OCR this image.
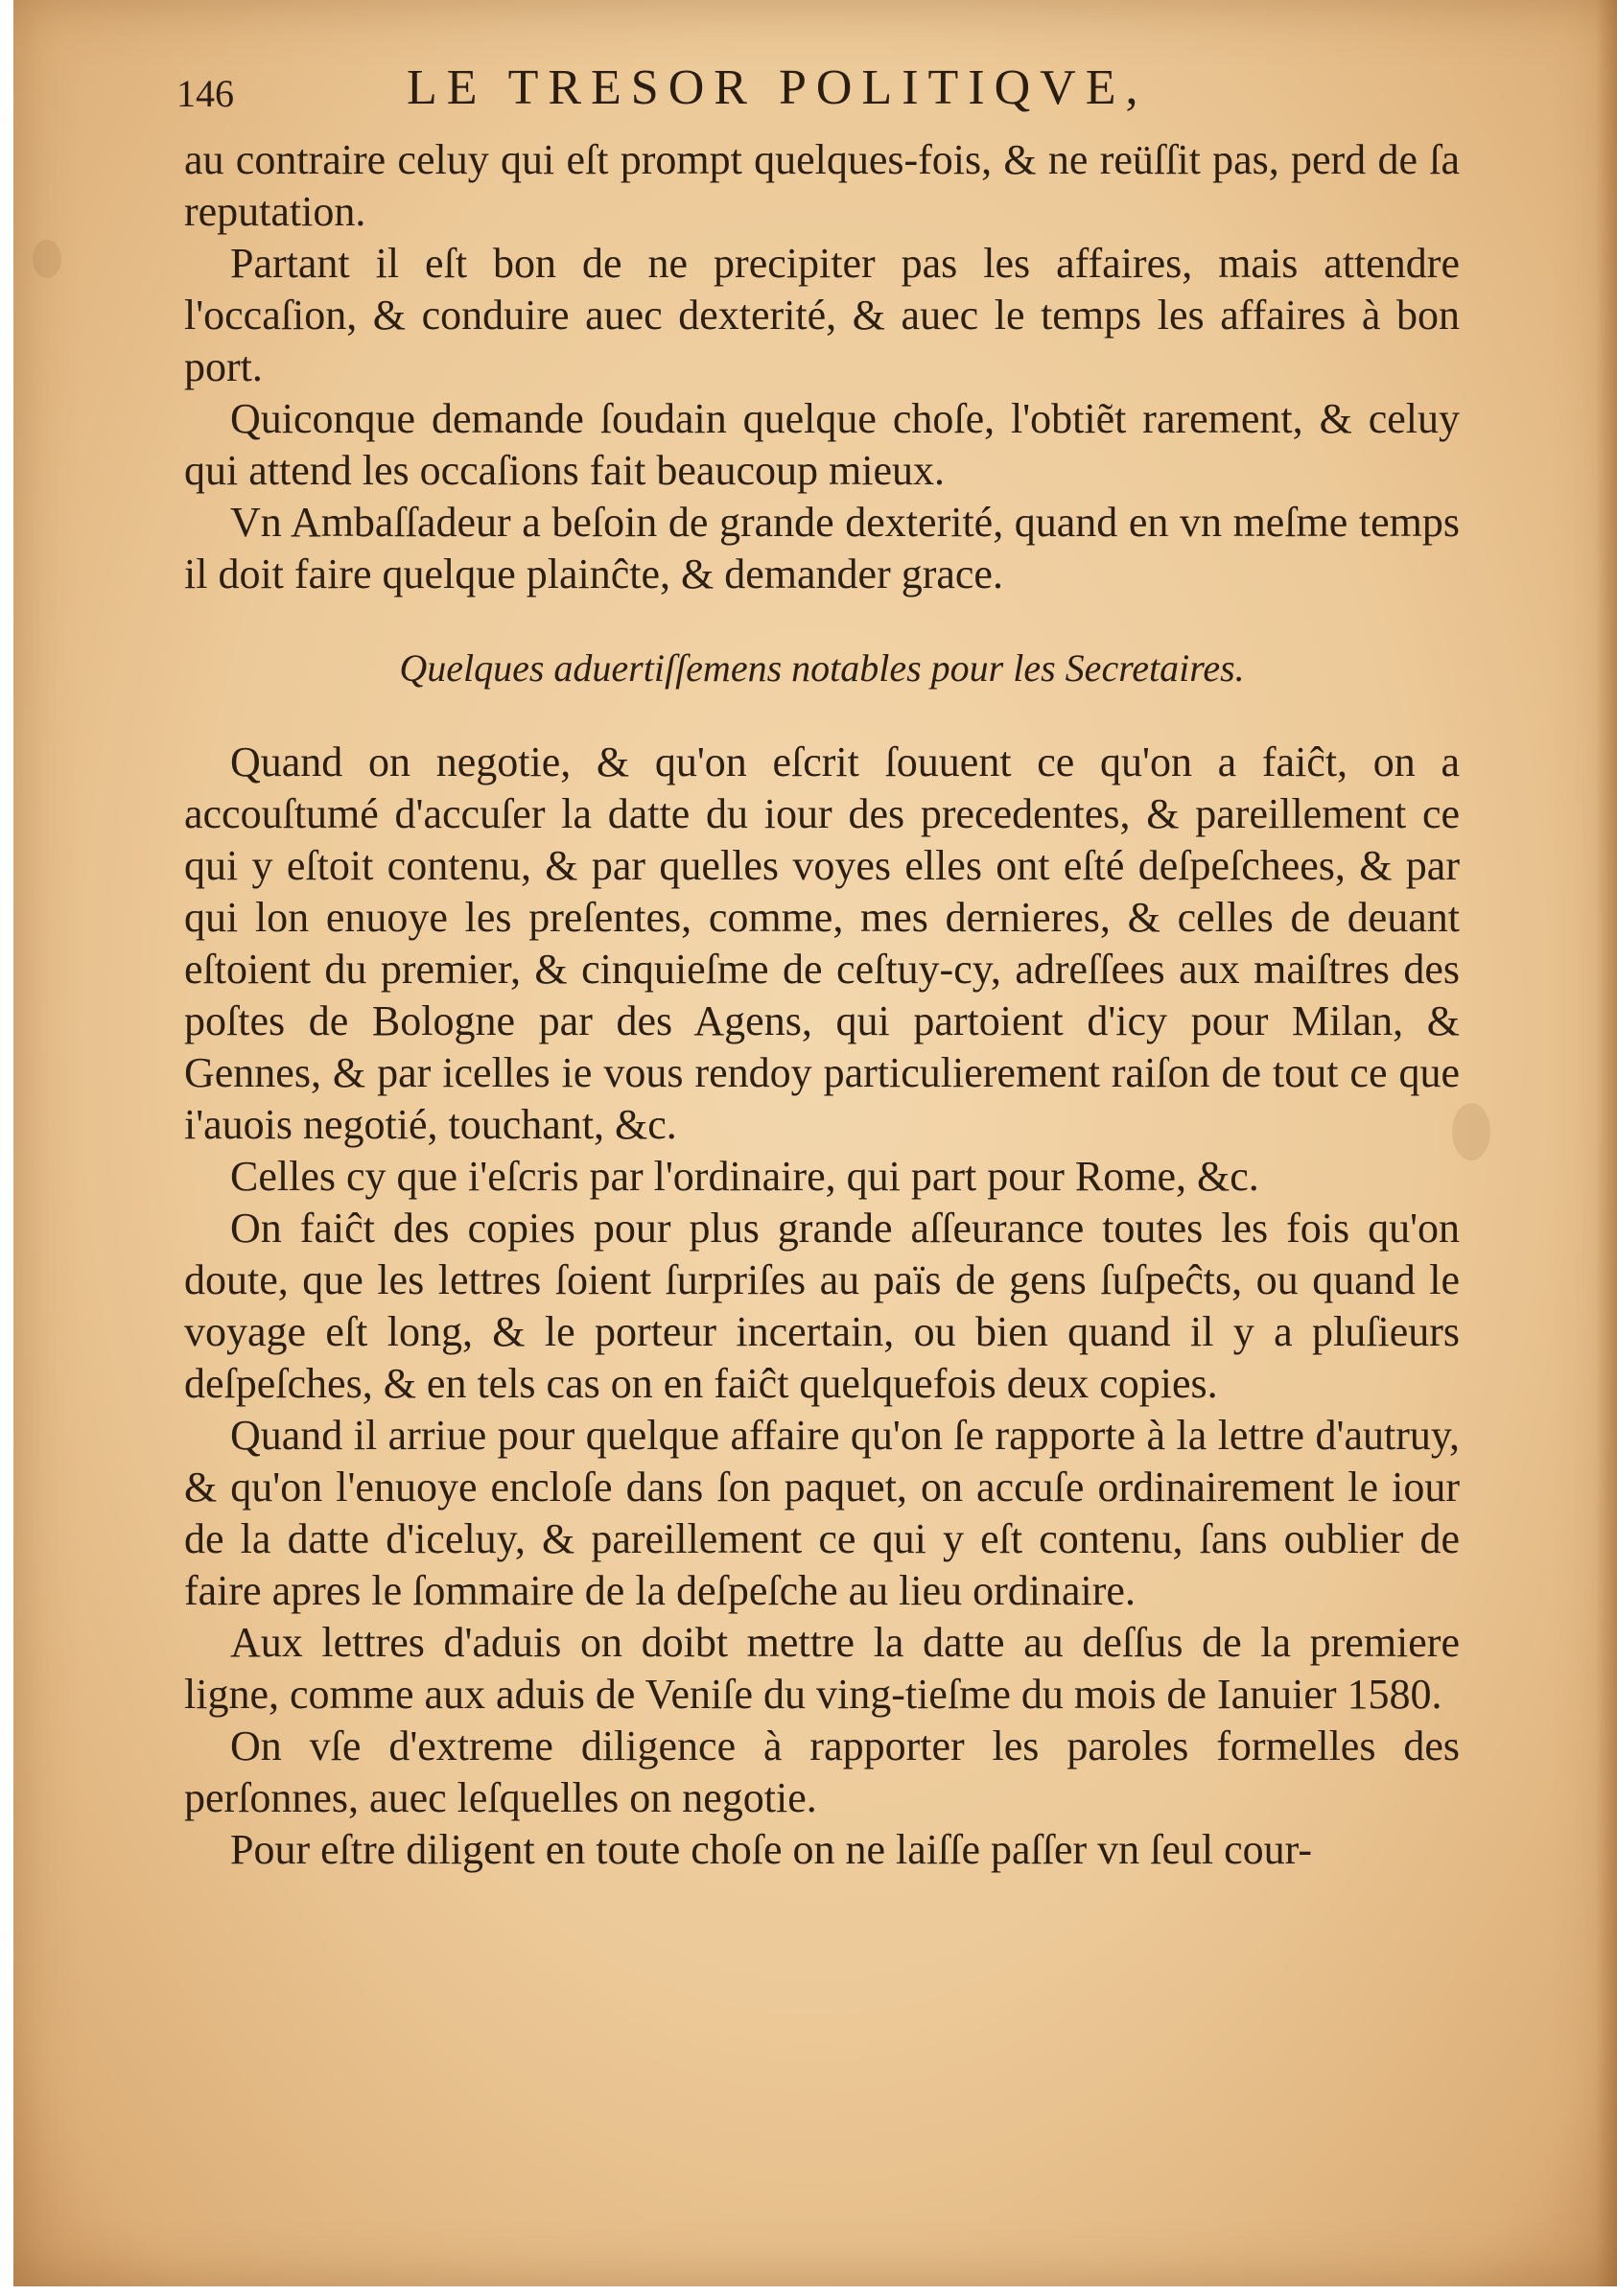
146	LE TRESOR POLITIQVE,

au contraire celuy qui eſt prompt quelques-fois, & ne reüſſit pas, perd de ſa reputation.

Partant il eſt bon de ne precipiter pas les affaires, mais attendre l'occaſion, & conduire auec dexterité, & auec le temps les affaires à bon port.

Quiconque demande ſoudain quelque choſe, l'obtiẽt rarement, & celuy qui attend les occaſions fait beaucoup mieux.

Vn Ambaſſadeur a beſoin de grande dexterité, quand en vn meſme temps il doit faire quelque plainĉte, & demander grace.

Quelques aduertiſſemens notables pour les Secretaires.

Quand on negotie, & qu'on eſcrit ſouuent ce qu'on a faiĉt, on a accouſtumé d'accuſer la datte du iour des precedentes, & pareillement ce qui y eſtoit contenu, & par quelles voyes elles ont eſté deſpeſchees, & par qui lon enuoye les preſentes, comme, mes dernieres, & celles de deuant eſtoient du premier, & cinquieſme de ceſtuy-cy, adreſſees aux maiſtres des poſtes de Bologne par des Agens, qui partoient d'icy pour Milan, & Gennes, & par icelles ie vous rendoy particulierement raiſon de tout ce que i'auois negotié, touchant, &c.

Celles cy que i'eſcris par l'ordinaire, qui part pour Rome, &c.

On faiĉt des copies pour plus grande aſſeurance toutes les fois qu'on doute, que les lettres ſoient ſurpriſes au païs de gens ſuſpeĉts, ou quand le voyage eſt long, & le porteur incertain, ou bien quand il y a pluſieurs deſpeſches, & en tels cas on en faiĉt quelquefois deux copies.

Quand il arriue pour quelque affaire qu'on ſe rapporte à la lettre d'autruy, & qu'on l'enuoye encloſe dans ſon paquet, on accuſe ordinairement le iour de la datte d'iceluy, & pareillement ce qui y eſt contenu, ſans oublier de faire apres le ſommaire de la deſpeſche au lieu ordinaire.

Aux lettres d'aduis on doibt mettre la datte au deſſus de la premiere ligne, comme aux aduis de Veniſe du ving-tieſme du mois de Ianuier 1580.

On vſe d'extreme diligence à rapporter les paroles formelles des perſonnes, auec leſquelles on negotie.

Pour eſtre diligent en toute choſe on ne laiſſe paſſer vn ſeul cour-
